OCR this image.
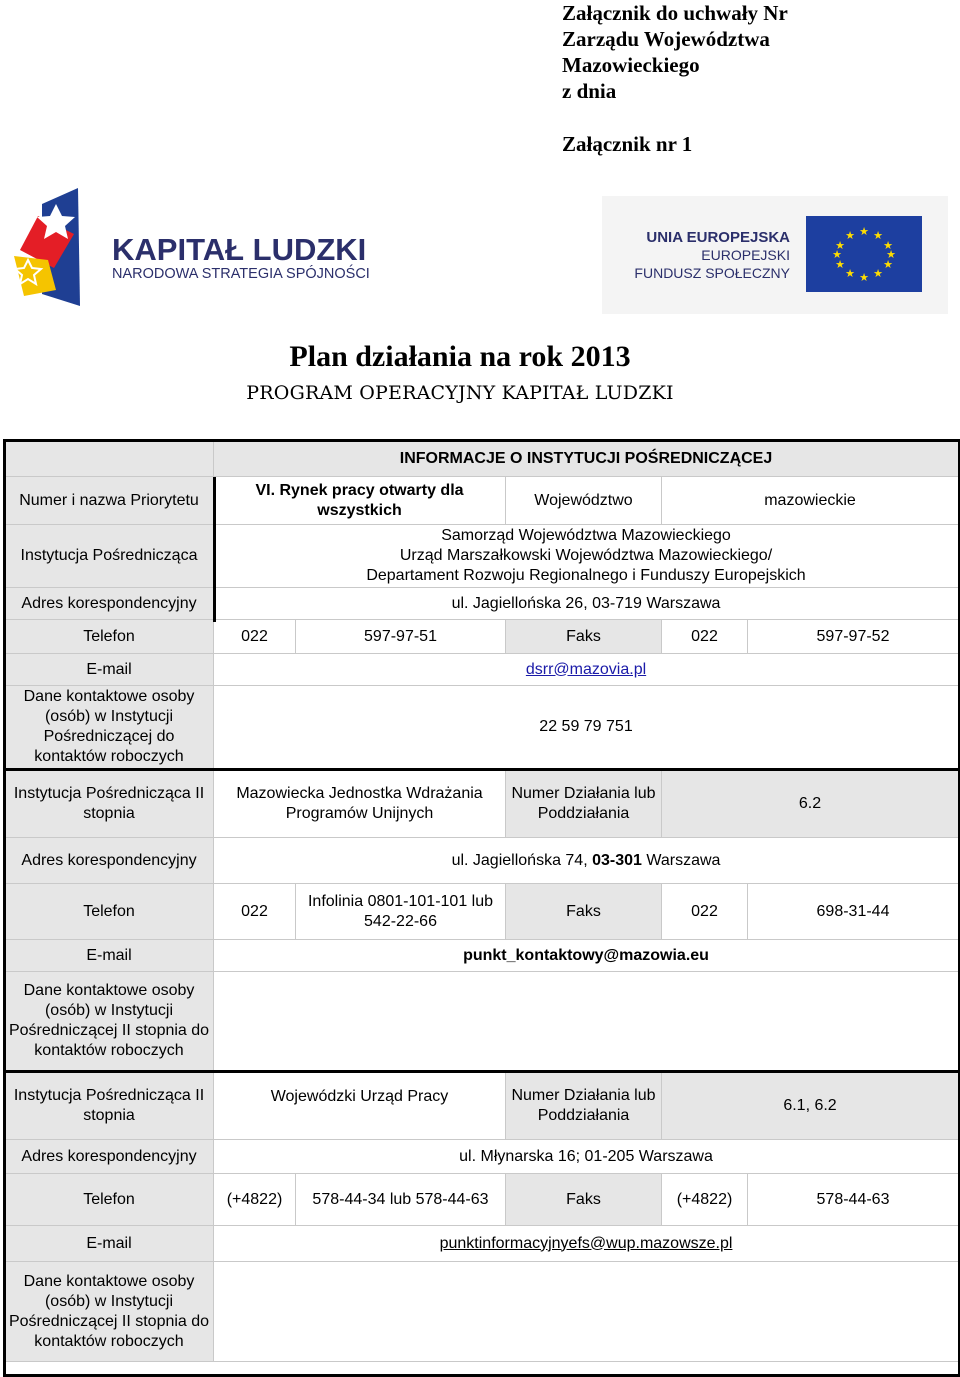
Załącznik do uchwały Nr
Zarządu Województwa
Mazowieckiego
z dnia
Załącznik nr 1
KAPITAŁ LUDZKI
NARODOWA STRATEGIA SPÓJNOŚCI
UNIA EUROPEJSKA
EUROPEJSKI
FUNDUSZ SPOŁECZNY
★ ★
★
★
★
★
★
★
★
★
★
★
Plan działania na rok 2013
PROGRAM OPERACYJNY KAPITAŁ LUDZKI
	INFORMACJE O INSTYTUCJI POŚREDNICZĄCEJ				
Numer i nazwa Priorytetu	VI. Rynek pracy otwarty dla wszystkich		Województwo	mazowieckie	
Instytucja Pośrednicząca	Samorząd Województwa Mazowieckiego
Urząd Marszałkowski Województwa Mazowieckiego/
Departament Rozwoju Regionalnego i Funduszy Europejskich				

Adres korespondencyjny	ul. Jagiellońska 26, 03-719 Warszawa				
Telefon	022	597-97-51	Faks	022	597-97-52
E-mail	dsrr@mazovia.pl				
Dane kontaktowe osoby (osób) w Instytucji Pośredniczącej do kontaktów roboczych	22 59 79 751				
Instytucja Pośrednicząca II stopnia	Mazowiecka Jednostka Wdrażania Programów Unijnych		Numer Działania lub Poddziałania	6.2	
Adres korespondencyjny	ul. Jagiellońska 74, 03-301 Warszawa				
Telefon	022	Infolinia 0801-101-101 lub 542-22-66	Faks	022	698-31-44
E-mail	punkt_kontaktowy@mazowia.eu				
Dane kontaktowe osoby (osób) w Instytucji Pośredniczącej II stopnia do kontaktów roboczych					
Instytucja Pośrednicząca II stopnia	Wojewódzki Urząd Pracy		Numer Działania lub Poddziałania	6.1, 6.2	
Adres korespondencyjny	ul. Młynarska 16; 01-205 Warszawa				
Telefon	(+4822)	578-44-34 lub 578-44-63	Faks	(+4822)	578-44-63
E-mail	punktinformacyjnyefs@wup.mazowsze.pl				
Dane kontaktowe osoby (osób) w Instytucji Pośredniczącej II stopnia do kontaktów roboczych					
